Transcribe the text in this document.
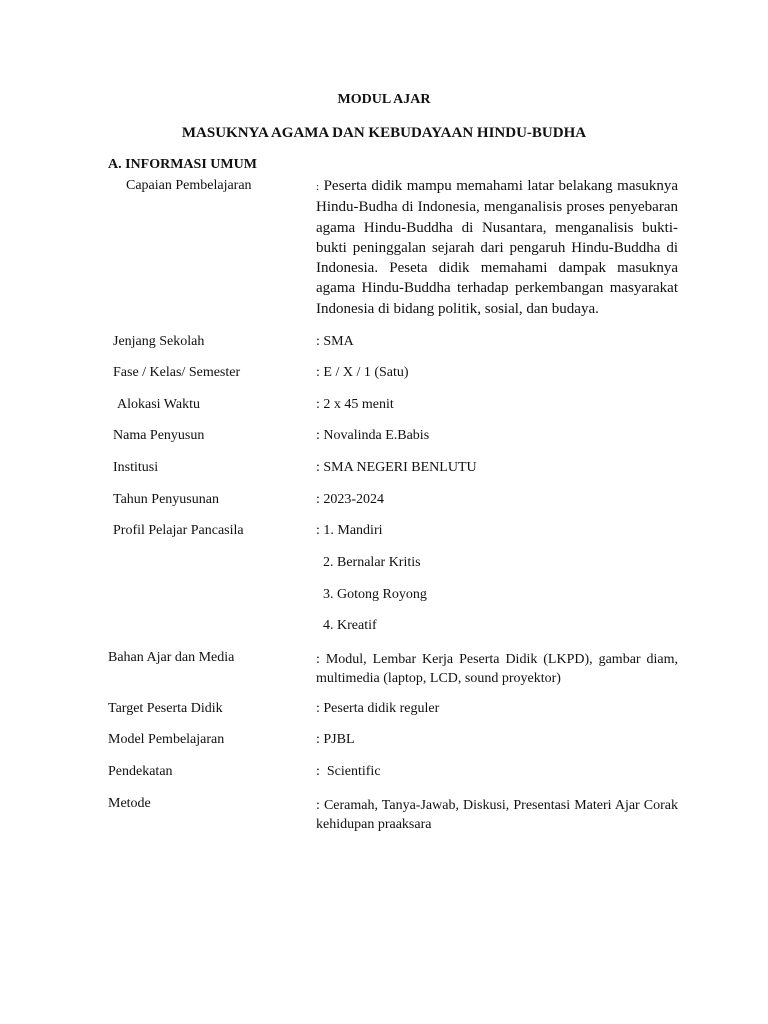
MODUL AJAR
MASUKNYA AGAMA DAN KEBUDAYAAN HINDU-BUDHA
A. INFORMASI UMUM
Capaian Pembelajaran	: Peserta didik mampu memahami latar belakang masuknya Hindu-Budha di Indonesia, menganalisis proses penyebaran agama Hindu-Buddha di Nusantara, menganalisis bukti-bukti peninggalan sejarah dari pengaruh Hindu-Buddha di Indonesia. Peseta didik memahami dampak masuknya agama Hindu-Buddha terhadap perkembangan masyarakat Indonesia di bidang politik, sosial, dan budaya.
Jenjang Sekolah	: SMA
Fase / Kelas/ Semester	: E / X / 1 (Satu)
Alokasi Waktu	: 2 x 45 menit
Nama Penyusun	: Novalinda E.Babis
Institusi	: SMA NEGERI BENLUTU
Tahun Penyusunan	: 2023-2024
Profil Pelajar Pancasila	: 1. Mandiri
2. Bernalar Kritis
3. Gotong Royong
4. Kreatif
Bahan Ajar dan Media	: Modul, Lembar Kerja Peserta Didik (LKPD), gambar diam, multimedia (laptop, LCD, sound proyektor)
Target Peserta Didik	: Peserta didik reguler
Model Pembelajaran	: PJBL
Pendekatan	:  Scientific
Metode	: Ceramah, Tanya-Jawab, Diskusi, Presentasi Materi Ajar Corak kehidupan praaksara
